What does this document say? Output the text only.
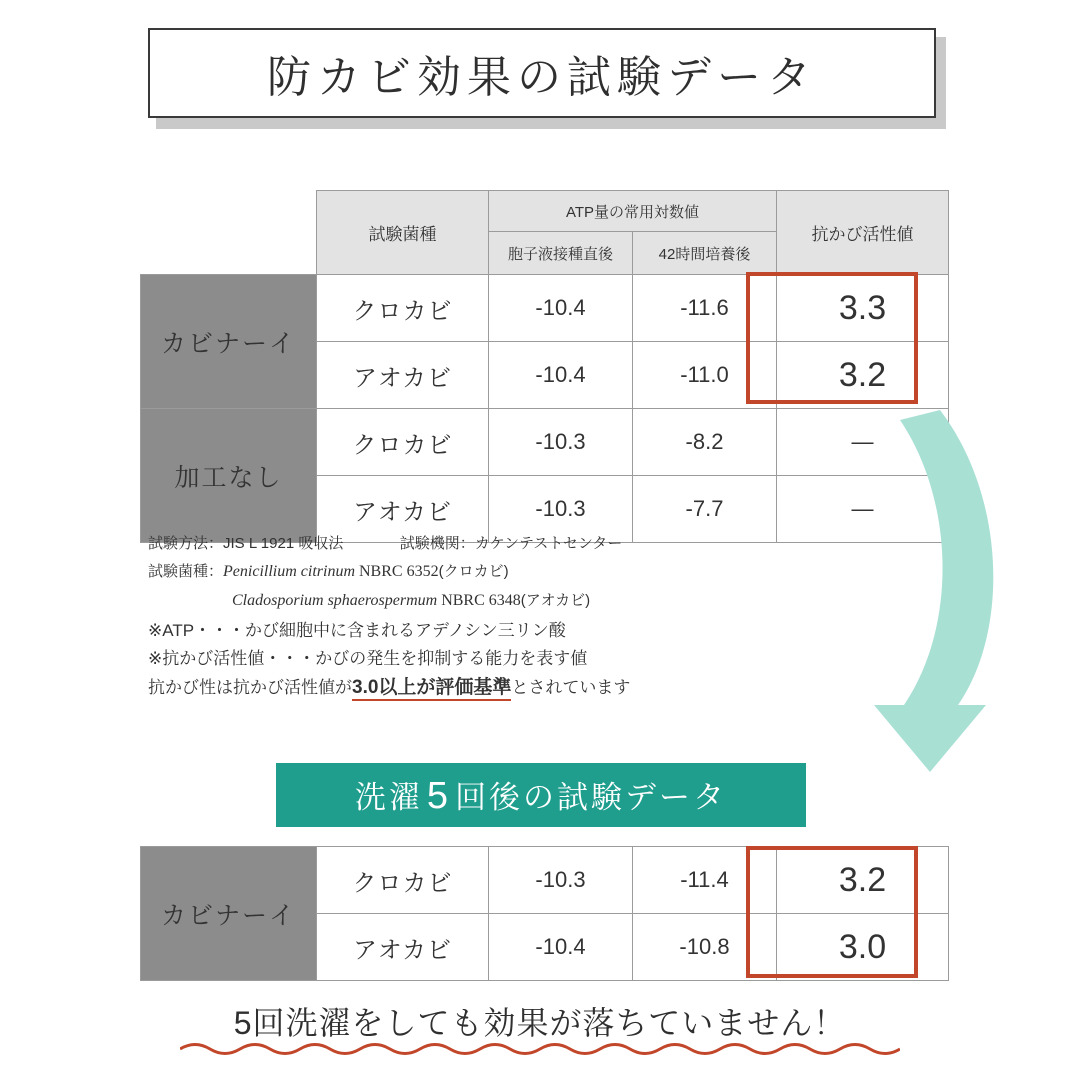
防カビ効果の試験データ
	試験菌種	ATP量の常用対数値		抗かび活性値
		胞子液接種直後	42時間培養後	
カビナーイ	クロカビ	-10.4	-11.6	3.3
	アオカビ	-10.4	-11.0	3.2
加工なし	クロカビ	-10.3	-8.2	—
	アオカビ	-10.3	-7.7	—
試験方法：JIS L 1921 吸収法	試験機関：カケンテストセンター
試験菌種：Penicillium citrinum NBRC 6352(クロカビ)
Cladosporium sphaerospermum NBRC 6348(アオカビ)
※ATP・・・かび細胞中に含まれるアデノシン三リン酸
※抗かび活性値・・・かびの発生を抑制する能力を表す値
抗かび性は抗かび活性値が3.0以上が評価基準とされています
洗濯 5 回後の試験データ
カビナーイ	クロカビ	-10.3	-11.4	3.2
	アオカビ	-10.4	-10.8	3.0
5回洗濯をしても効果が落ちていません！
